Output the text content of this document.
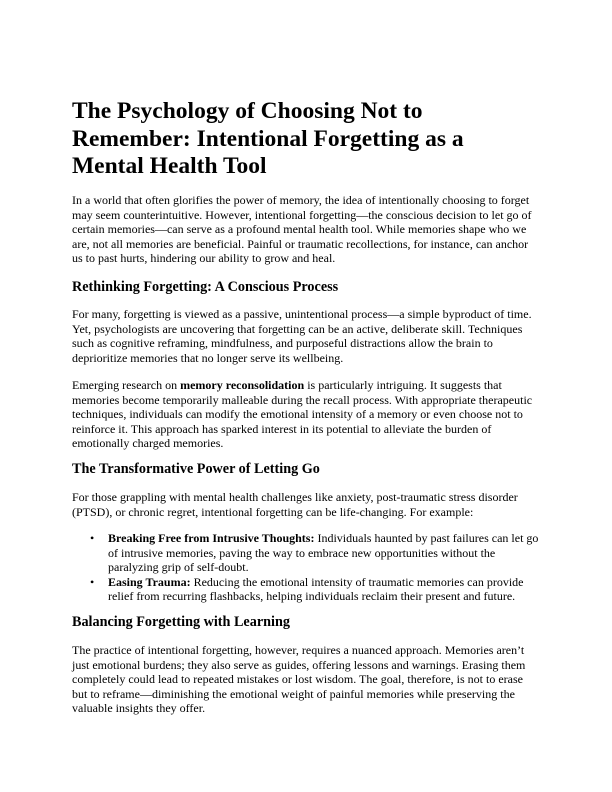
The Psychology of Choosing Not to
Remember: Intentional Forgetting as a
Mental Health Tool

In a world that often glorifies the power of memory, the idea of intentionally choosing to forget
may seem counterintuitive. However, intentional forgetting—the conscious decision to let go of
certain memories—can serve as a profound mental health tool. While memories shape who we
are, not all memories are beneficial. Painful or traumatic recollections, for instance, can anchor
us to past hurts, hindering our ability to grow and heal.

Rethinking Forgetting: A Conscious Process

For many, forgetting is viewed as a passive, unintentional process—a simple byproduct of time.
Yet, psychologists are uncovering that forgetting can be an active, deliberate skill. Techniques
such as cognitive reframing, mindfulness, and purposeful distractions allow the brain to
deprioritize memories that no longer serve its wellbeing.

Emerging research on memory reconsolidation is particularly intriguing. It suggests that
memories become temporarily malleable during the recall process. With appropriate therapeutic
techniques, individuals can modify the emotional intensity of a memory or even choose not to
reinforce it. This approach has sparked interest in its potential to alleviate the burden of
emotionally charged memories.

The Transformative Power of Letting Go

For those grappling with mental health challenges like anxiety, post-traumatic stress disorder
(PTSD), or chronic regret, intentional forgetting can be life-changing. For example:

• Breaking Free from Intrusive Thoughts: Individuals haunted by past failures can let go
of intrusive memories, paving the way to embrace new opportunities without the
paralyzing grip of self-doubt.
• Easing Trauma: Reducing the emotional intensity of traumatic memories can provide
relief from recurring flashbacks, helping individuals reclaim their present and future.
Balancing Forgetting with Learning

The practice of intentional forgetting, however, requires a nuanced approach. Memories aren’t
just emotional burdens; they also serve as guides, offering lessons and warnings. Erasing them
completely could lead to repeated mistakes or lost wisdom. The goal, therefore, is not to erase
but to reframe—diminishing the emotional weight of painful memories while preserving the
valuable insights they offer.
